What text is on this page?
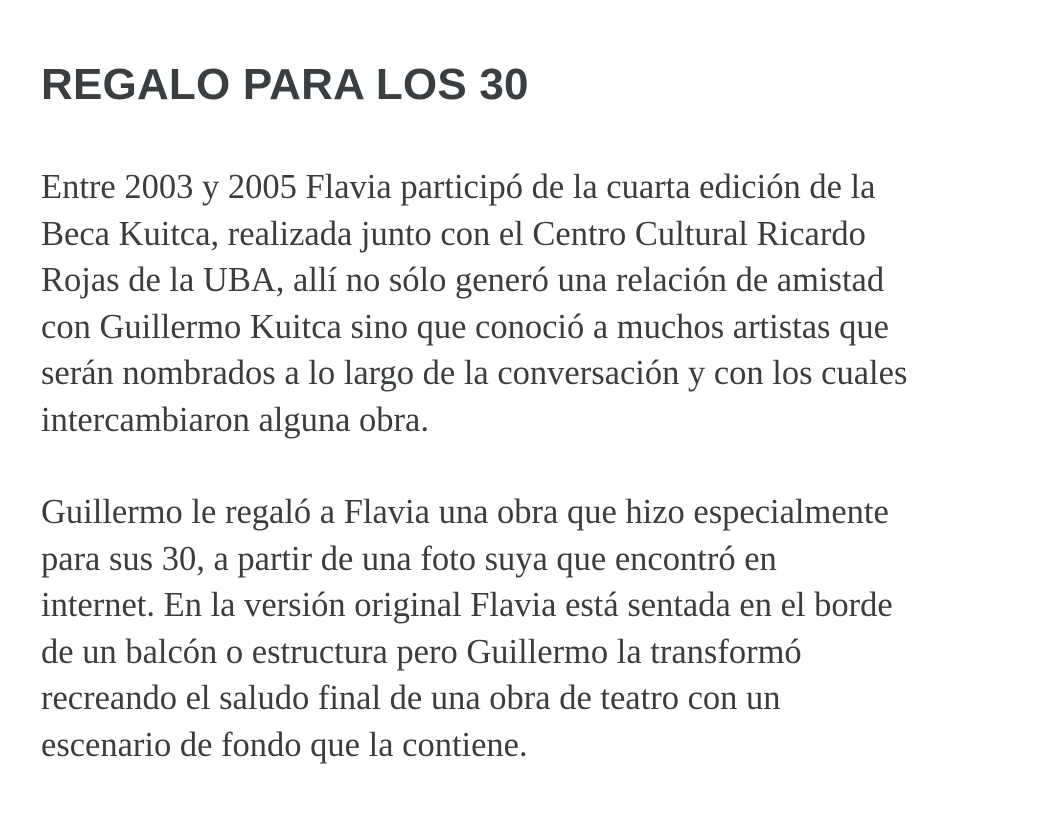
REGALO PARA LOS 30

Entre 2003 y 2005 Flavia participó de la cuarta edición de la
Beca Kuitca, realizada junto con el Centro Cultural Ricardo
Rojas de la UBA, allí no sólo generó una relación de amistad
con Guillermo Kuitca sino que conoció a muchos artistas que
serán nombrados a lo largo de la conversación y con los cuales
intercambiaron alguna obra.

Guillermo le regaló a Flavia una obra que hizo especialmente
para sus 30, a partir de una foto suya que encontró en
internet. En la versión original Flavia está sentada en el borde
de un balcón o estructura pero Guillermo la transformó
recreando el saludo final de una obra de teatro con un
escenario de fondo que la contiene.
